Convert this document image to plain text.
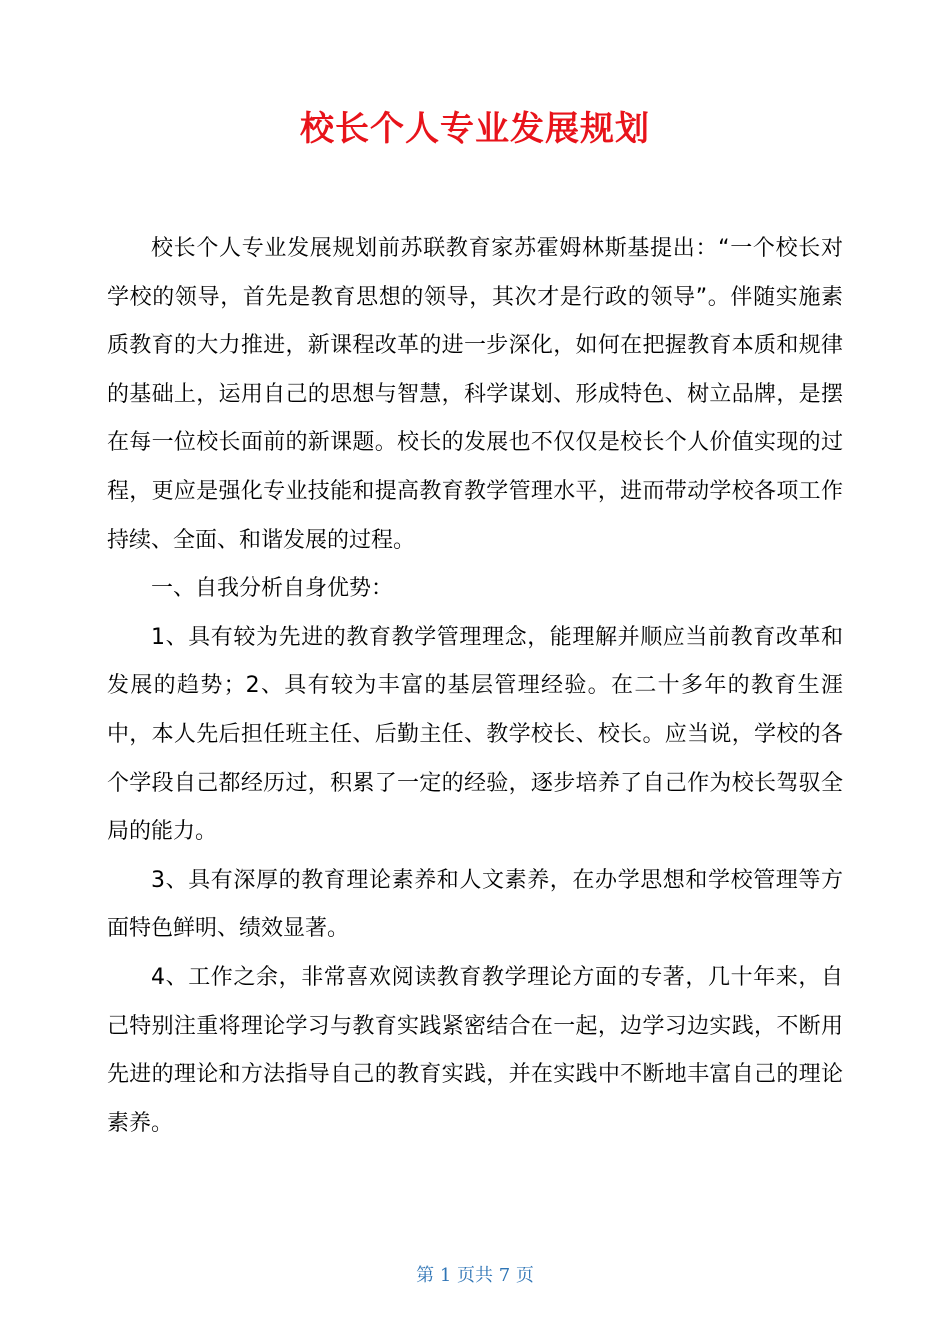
校长个人专业发展规划

校长个人专业发展规划前苏联教育家苏霍姆林斯基提出：“一个校长对学校的领导，首先是教育思想的领导，其次才是行政的领导”。伴随实施素质教育的大力推进，新课程改革的进一步深化，如何在把握教育本质和规律的基础上，运用自己的思想与智慧，科学谋划、形成特色、树立品牌，是摆在每一位校长面前的新课题。校长的发展也不仅仅是校长个人价值实现的过程，更应是强化专业技能和提高教育教学管理水平，进而带动学校各项工作持续、全面、和谐发展的过程。

一、自我分析自身优势：

1、具有较为先进的教育教学管理理念，能理解并顺应当前教育改革和发展的趋势；2、具有较为丰富的基层管理经验。在二十多年的教育生涯中，本人先后担任班主任、后勤主任、教学校长、校长。应当说，学校的各个学段自己都经历过，积累了一定的经验，逐步培养了自己作为校长驾驭全局的能力。

3、具有深厚的教育理论素养和人文素养，在办学思想和学校管理等方面特色鲜明、绩效显著。

4、工作之余，非常喜欢阅读教育教学理论方面的专著，几十年来，自己特别注重将理论学习与教育实践紧密结合在一起，边学习边实践，不断用先进的理论和方法指导自己的教育实践，并在实践中不断地丰富自己的理论素养。

第 1 页共 7 页
